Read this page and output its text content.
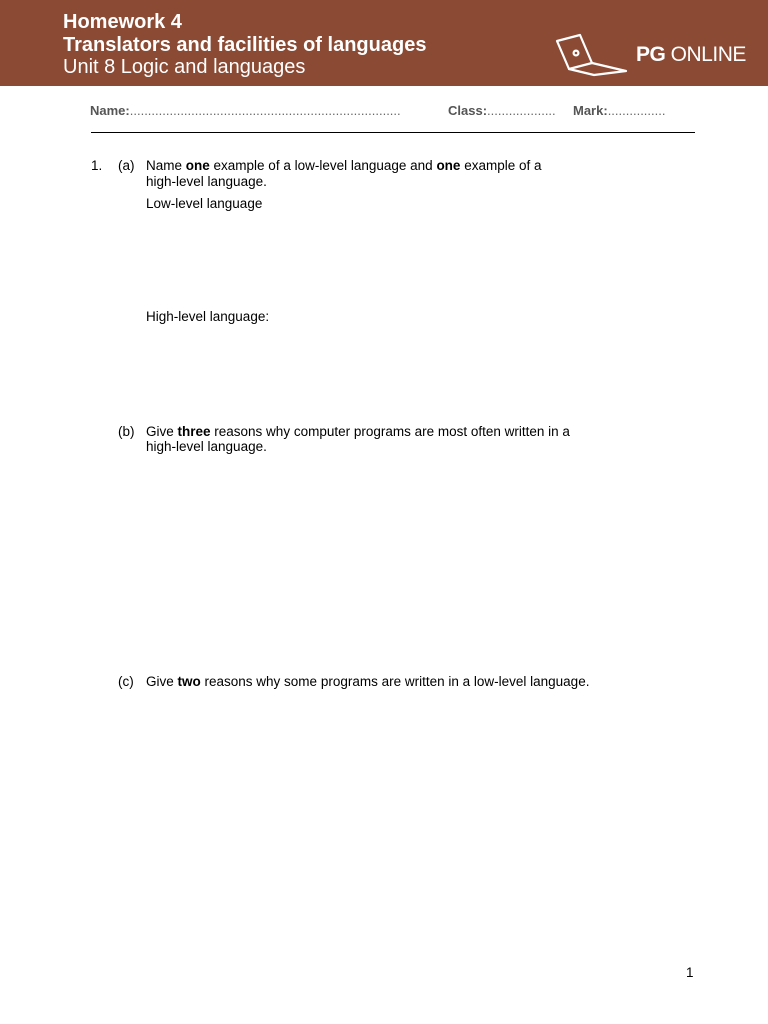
Homework 4
Translators and facilities of languages
Unit 8 Logic and languages
PG ONLINE
Name:...........................................................................	Class:................... Mark:................
1. (a) Name one example of a low-level language and one example of a
high-level language.
Low-level language
High-level language:
(b) Give three reasons why computer programs are most often written in a
high-level language.
(c) Give two reasons why some programs are written in a low-level language.
1
